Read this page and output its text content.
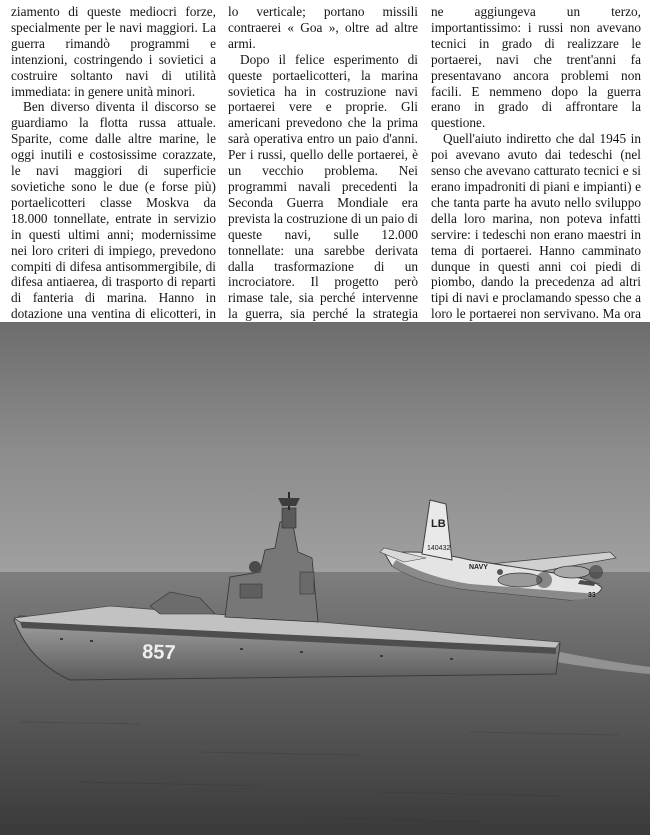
ziamento di queste mediocri forze, specialmente per le navi maggiori. La guerra rimandò programmi e intenzioni, costringendo i sovietici a costruire soltanto navi di utilità immediata: in genere unità minori.

Ben diverso diventa il discorso se guardiamo la flotta russa attuale. Sparite, come dalle altre marine, le oggi inutili e costosissime corazzate, le navi maggiori di superficie sovietiche sono le due (e forse più) portaelicotteri classe Moskva da 18.000 tonnellate, entrate in servizio in questi ultimi anni; modernissime nei loro criteri di impiego, prevedono compiti di difesa antisommergibile, di difesa antiaerea, di trasporto di reparti di fanteria di marina. Hanno in dotazione una ventina di elicotteri, in

lo verticale; portano missili contraerei « Goa », oltre ad altre armi.

Dopo il felice esperimento di queste portaelicotteri, la marina sovietica ha in costruzione navi portaerei vere e proprie. Gli americani prevedono che la prima sarà operativa entro un paio d'anni. Per i russi, quello delle portaerei, è un vecchio problema. Nei programmi navali precedenti la Seconda Guerra Mondiale era prevista la costruzione di un paio di queste navi, sulle 12.000 tonnellate: una sarebbe derivata dalla trasformazione di un incrociatore. Il progetto però rimase tale, sia perché intervenne la guerra, sia perché la strategia

ne aggiungeva un terzo, importantissimo: i russi non avevano tecnici in grado di realizzare le portaerei, navi che trent'anni fa presentavano ancora problemi non facili. E nemmeno dopo la guerra erano in grado di affrontare la questione.

Quell'aiuto indiretto che dal 1945 in poi avevano avuto dai tedeschi (nel senso che avevano catturato tecnici e si erano impadroniti di piani e impianti) e che tanta parte ha avuto nello sviluppo della loro marina, non poteva infatti servire: i tedeschi non erano maestri in tema di portaerei. Hanno camminato dunque in questi anni coi piedi di piombo, dando la precedenza ad altri tipi di navi e proclamando spesso che a loro le portaerei non servivano. Ma ora

857
LB
140432
NAVY
33
